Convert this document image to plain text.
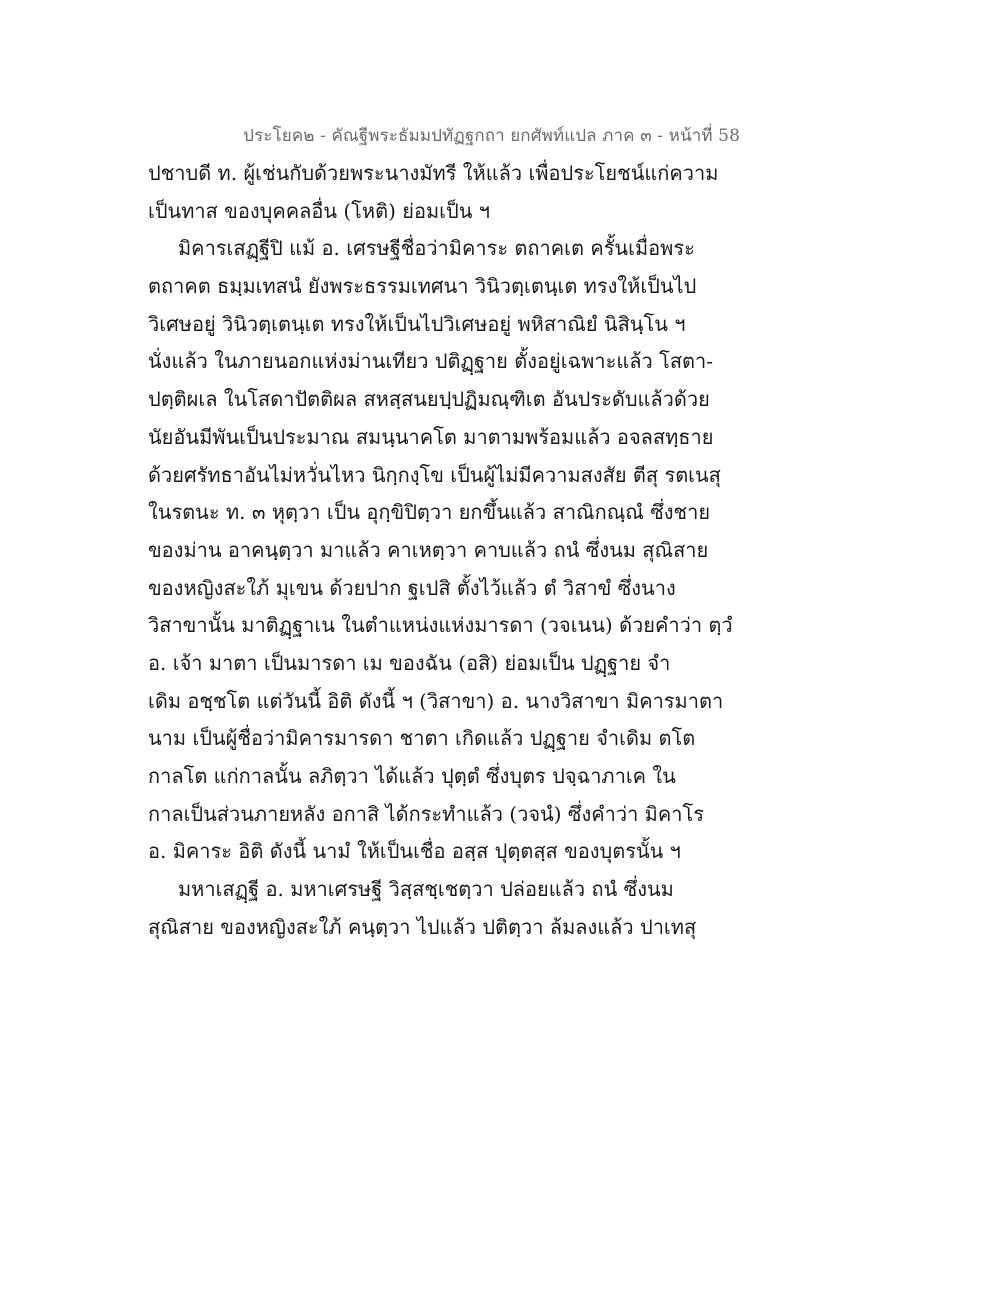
ประโยค๒ - คัณฐีพระธัมมปทัฏฐกถา ยกศัพท์แปล ภาค ๓ - หน้าที่ 58
ปชาบดี ท. ผู้เช่นกับด้วยพระนางมัทรี ให้แล้ว เพื่อประโยชน์แก่ความ
เป็นทาส ของบุคคลอื่น (โหติ) ย่อมเป็น ฯ
มิคารเสฏฺฐีปิ แม้ อ. เศรษฐีชื่อว่ามิคาระ ตถาคเต ครั้นเมื่อพระ
ตถาคต ธมฺมเทสนํ ยังพระธรรมเทศนา วินิวตฺเตนฺเต ทรงให้เป็นไป
วิเศษอยู่ วินิวตฺเตนฺเต ทรงให้เป็นไปวิเศษอยู่ พหิสาณิยํ นิสินฺโน ฯ
นั่งแล้ว ในภายนอกแห่งม่านเทียว ปติฏฺฐาย ตั้งอยู่เฉพาะแล้ว โสตา-
ปตฺติผเล ในโสดาปัตติผล สหสฺสนยปฺปฏิมณฺฑิเต อันประดับแล้วด้วย
นัยอันมีพันเป็นประมาณ สมนฺนาคโต มาตามพร้อมแล้ว อจลสทฺธาย
ด้วยศรัทธาอันไม่หวั่นไหว นิกฺกงฺโข เป็นผู้ไม่มีความสงสัย ตีสุ รตเนสุ
ในรตนะ ท. ๓ หุตฺวา เป็น อุกฺขิปิตฺวา ยกขึ้นแล้ว สาณิกณฺณํ ซึ่งชาย
ของม่าน อาคนฺตฺวา มาแล้ว คาเหตฺวา คาบแล้ว ถนํ ซึ่งนม สุณิสาย
ของหญิงสะใภ้ มุเขน ด้วยปาก ฐเปสิ ตั้งไว้แล้ว ตํ วิสาขํ ซึ่งนาง
วิสาขานั้น มาติฏฺฐาเน ในตำแหน่งแห่งมารดา (วจเนน) ด้วยคำว่า ตฺวํ
อ. เจ้า มาตา เป็นมารดา เม ของฉัน (อสิ) ย่อมเป็น ปฏฺฐาย จำ
เดิม อชฺชโต แต่วันนี้ อิติ ดังนี้ ฯ (วิสาขา) อ. นางวิสาขา มิคารมาตา
นาม เป็นผู้ชื่อว่ามิคารมารดา ชาตา เกิดแล้ว ปฏฺฐาย จำเดิม ตโต
กาลโต แก่กาลนั้น ลภิตฺวา ได้แล้ว ปุตฺตํ ซึ่งบุตร ปจฺฉาภาเค ใน
กาลเป็นส่วนภายหลัง อกาสิ ได้กระทำแล้ว (วจนํ) ซึ่งคำว่า มิคาโร
อ. มิคาระ อิติ ดังนี้ นามํ ให้เป็นเชื่อ อสฺส ปุตฺตสฺส ของบุตรนั้น ฯ
มหาเสฏฺฐี อ. มหาเศรษฐี วิสฺสชฺเชตฺวา ปล่อยแล้ว ถนํ ซึ่งนม
สุณิสาย ของหญิงสะใภ้ คนฺตฺวา ไปแล้ว ปติตฺวา ล้มลงแล้ว ปาเทสุ
